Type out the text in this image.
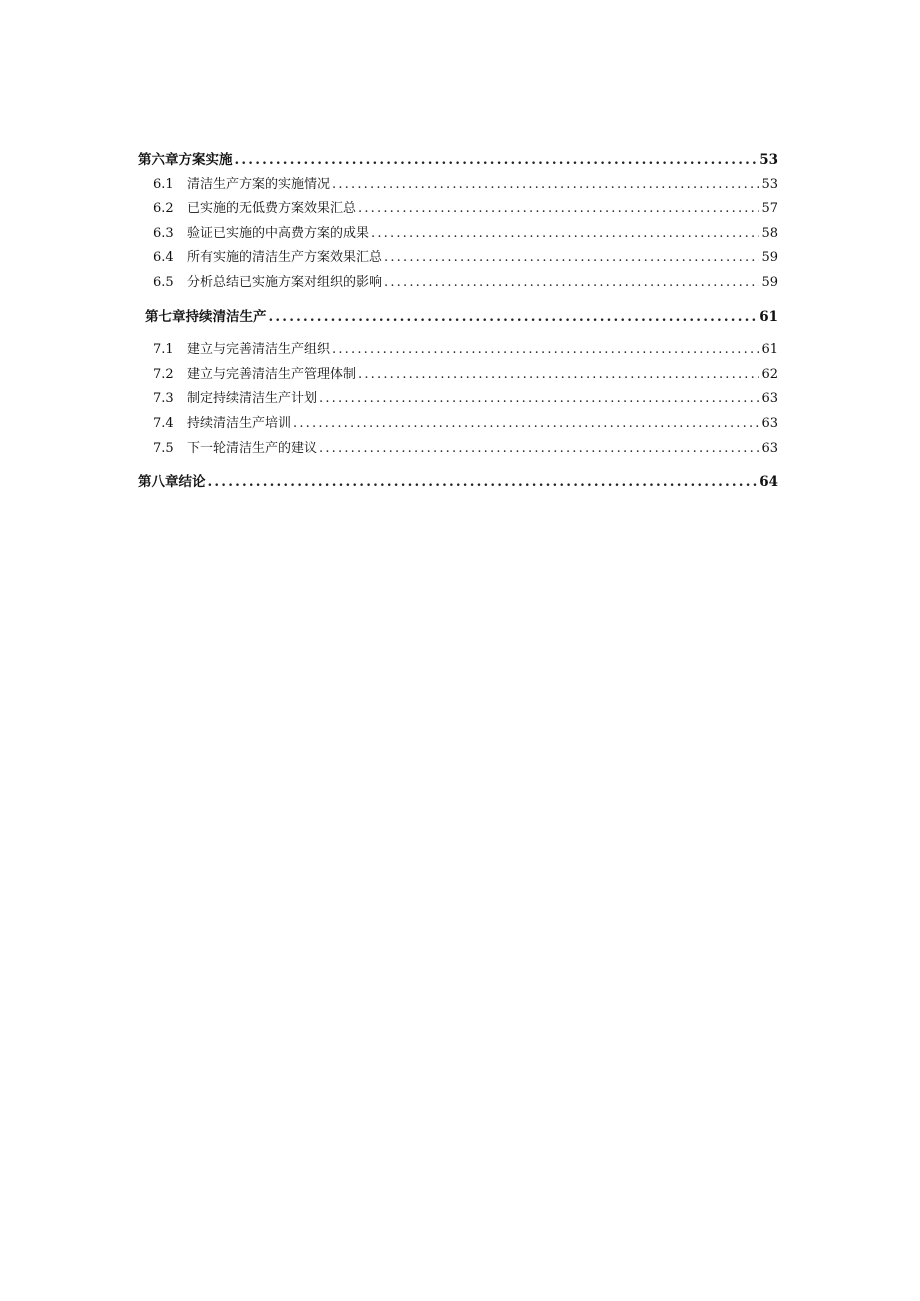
第六章方案实施 .....	53
6.1	清洁生产方案的实施情况 .....	53
6.2	已实施的无低费方案效果汇总 .....	57
6.3	验证已实施的中高费方案的成果 .....	58
6.4	所有实施的清洁生产方案效果汇总 .....	59
6.5	分析总结已实施方案对组织的影响 .....	59
第七章持续清洁生产 .....	61
7.1	建立与完善清洁生产组织 .....	61
7.2	建立与完善清洁生产管理体制 .....	62
7.3	制定持续清洁生产计划 .....	63
7.4	持续清洁生产培训 .....	63
7.5	下一轮清洁生产的建议 .....	63
第八章结论 .....	64
